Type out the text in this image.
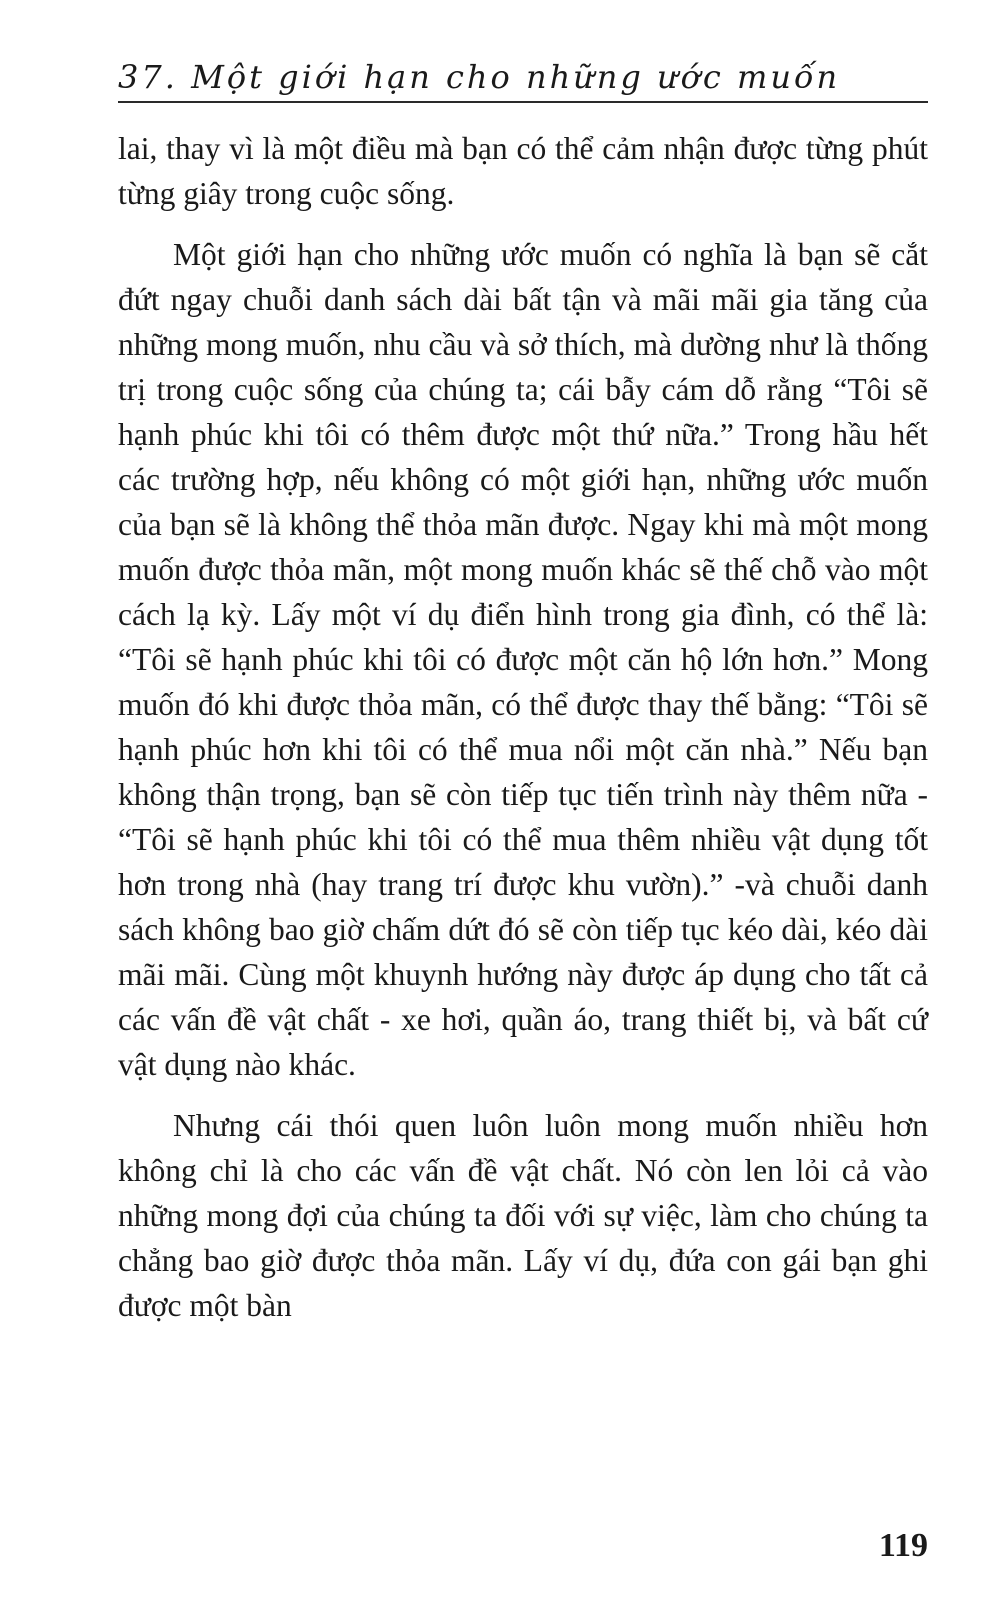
37. Một giới hạn cho những ước muốn

lai, thay vì là một điều mà bạn có thể cảm nhận được từng phút từng giây trong cuộc sống.

Một giới hạn cho những ước muốn có nghĩa là bạn sẽ cắt đứt ngay chuỗi danh sách dài bất tận và mãi mãi gia tăng của những mong muốn, nhu cầu và sở thích, mà dường như là thống trị trong cuộc sống của chúng ta; cái bẫy cám dỗ rằng “Tôi sẽ hạnh phúc khi tôi có thêm được một thứ nữa.” Trong hầu hết các trường hợp, nếu không có một giới hạn, những ước muốn của bạn sẽ là không thể thỏa mãn được. Ngay khi mà một mong muốn được thỏa mãn, một mong muốn khác sẽ thế chỗ vào một cách lạ kỳ. Lấy một ví dụ điển hình trong gia đình, có thể là: “Tôi sẽ hạnh phúc khi tôi có được một căn hộ lớn hơn.” Mong muốn đó khi được thỏa mãn, có thể được thay thế bằng: “Tôi sẽ hạnh phúc hơn khi tôi có thể mua nổi một căn nhà.” Nếu bạn không thận trọng, bạn sẽ còn tiếp tục tiến trình này thêm nữa - “Tôi sẽ hạnh phúc khi tôi có thể mua thêm nhiều vật dụng tốt hơn trong nhà (hay trang trí được khu vườn).” -và chuỗi danh sách không bao giờ chấm dứt đó sẽ còn tiếp tục kéo dài, kéo dài mãi mãi. Cùng một khuynh hướng này được áp dụng cho tất cả các vấn đề vật chất - xe hơi, quần áo, trang thiết bị, và bất cứ vật dụng nào khác.

Nhưng cái thói quen luôn luôn mong muốn nhiều hơn không chỉ là cho các vấn đề vật chất. Nó còn len lỏi cả vào những mong đợi của chúng ta đối với sự việc, làm cho chúng ta chẳng bao giờ được thỏa mãn. Lấy ví dụ, đứa con gái bạn ghi được một bàn

119
